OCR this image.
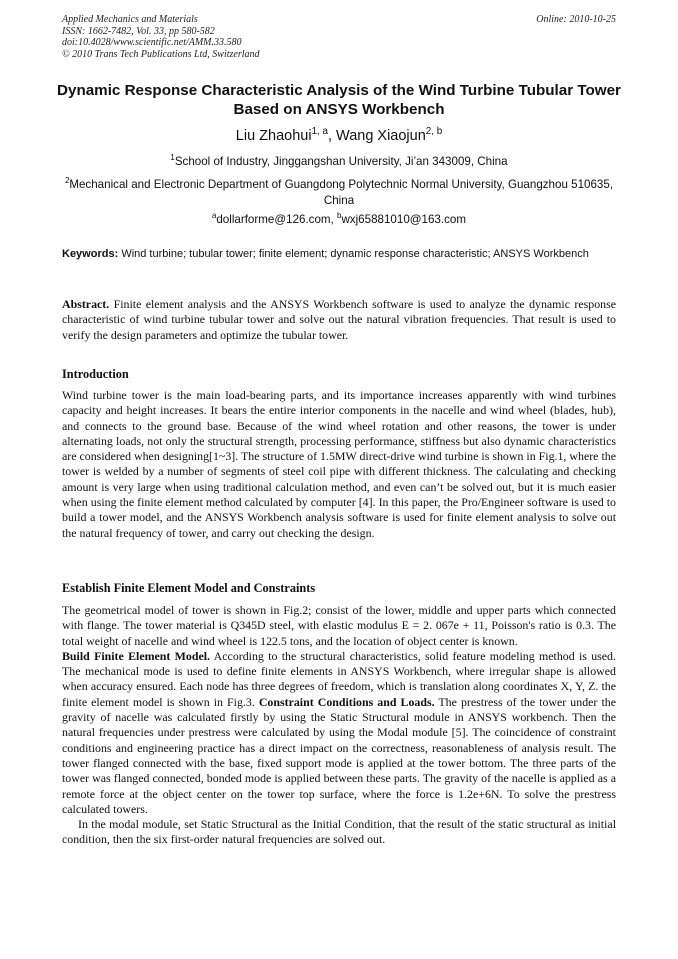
Applied Mechanics and Materials
ISSN: 1662-7482, Vol. 33, pp 580-582
doi:10.4028/www.scientific.net/AMM.33.580
© 2010 Trans Tech Publications Ltd, Switzerland
Online: 2010-10-25
Dynamic Response Characteristic Analysis of the Wind Turbine Tubular Tower Based on ANSYS Workbench
Liu Zhaohui$^{1, a}$, Wang Xiaojun$^{2, b}$
$^1$School of Industry, Jinggangshan University, Ji’an 343009, China
$^2$Mechanical and Electronic Department of Guangdong Polytechnic Normal University, Guangzhou 510635, China
$^a$dollarforme@126.com, $^b$wxj65881010@163.com
Keywords: Wind turbine; tubular tower; finite element; dynamic response characteristic; ANSYS Workbench
Abstract. Finite element analysis and the ANSYS Workbench software is used to analyze the dynamic response characteristic of wind turbine tubular tower and solve out the natural vibration frequencies. That result is used to verify the design parameters and optimize the tubular tower.
Introduction

Wind turbine tower is the main load-bearing parts, and its importance increases apparently with wind turbines capacity and height increases. It bears the entire interior components in the nacelle and wind wheel (blades, hub), and connects to the ground base. Because of the wind wheel rotation and other reasons, the tower is under alternating loads, not only the structural strength, processing performance, stiffness but also dynamic characteristics are considered when designing[1~3]. The structure of 1.5MW direct-drive wind turbine is shown in Fig.1, where the tower is welded by a number of segments of steel coil pipe with different thickness. The calculating and checking amount is very large when using traditional calculation method, and even can’t be solved out, but it is much easier when using the finite element method calculated by computer [4]. In this paper, the Pro/Engineer software is used to build a tower model, and the ANSYS Workbench analysis software is used for finite element analysis to solve out the natural frequency of tower, and carry out checking the design.

Establish Finite Element Model and Constraints

The geometrical model of tower is shown in Fig.2; consist of the lower, middle and upper parts which connected with flange. The tower material is Q345D steel, with elastic modulus E = 2. 067e + 11, Poisson's ratio is 0.3. The total weight of nacelle and wind wheel is 122.5 tons, and the location of object center is known.

Build Finite Element Model. According to the structural characteristics, solid feature modeling method is used. The mechanical mode is used to define finite elements in ANSYS Workbench, where irregular shape is allowed when accuracy ensured. Each node has three degrees of freedom, which is translation along coordinates X, Y, Z. the finite element model is shown in Fig.3. Constraint Conditions and Loads. The prestress of the tower under the gravity of nacelle was calculated firstly by using the Static Structural module in ANSYS workbench. Then the natural frequencies under prestress were calculated by using the Modal module [5]. The coincidence of constraint conditions and engineering practice has a direct impact on the correctness, reasonableness of analysis result. The tower flanged connected with the base, fixed support mode is applied at the tower bottom. The three parts of the tower was flanged connected, bonded mode is applied between these parts. The gravity of the nacelle is applied as a remote force at the object center on the tower top surface, where the force is 1.2e+6N. To solve the prestress calculated towers.

In the modal module, set Static Structural as the Initial Condition, that the result of the static structural as initial condition, then the six first-order natural frequencies are solved out.
